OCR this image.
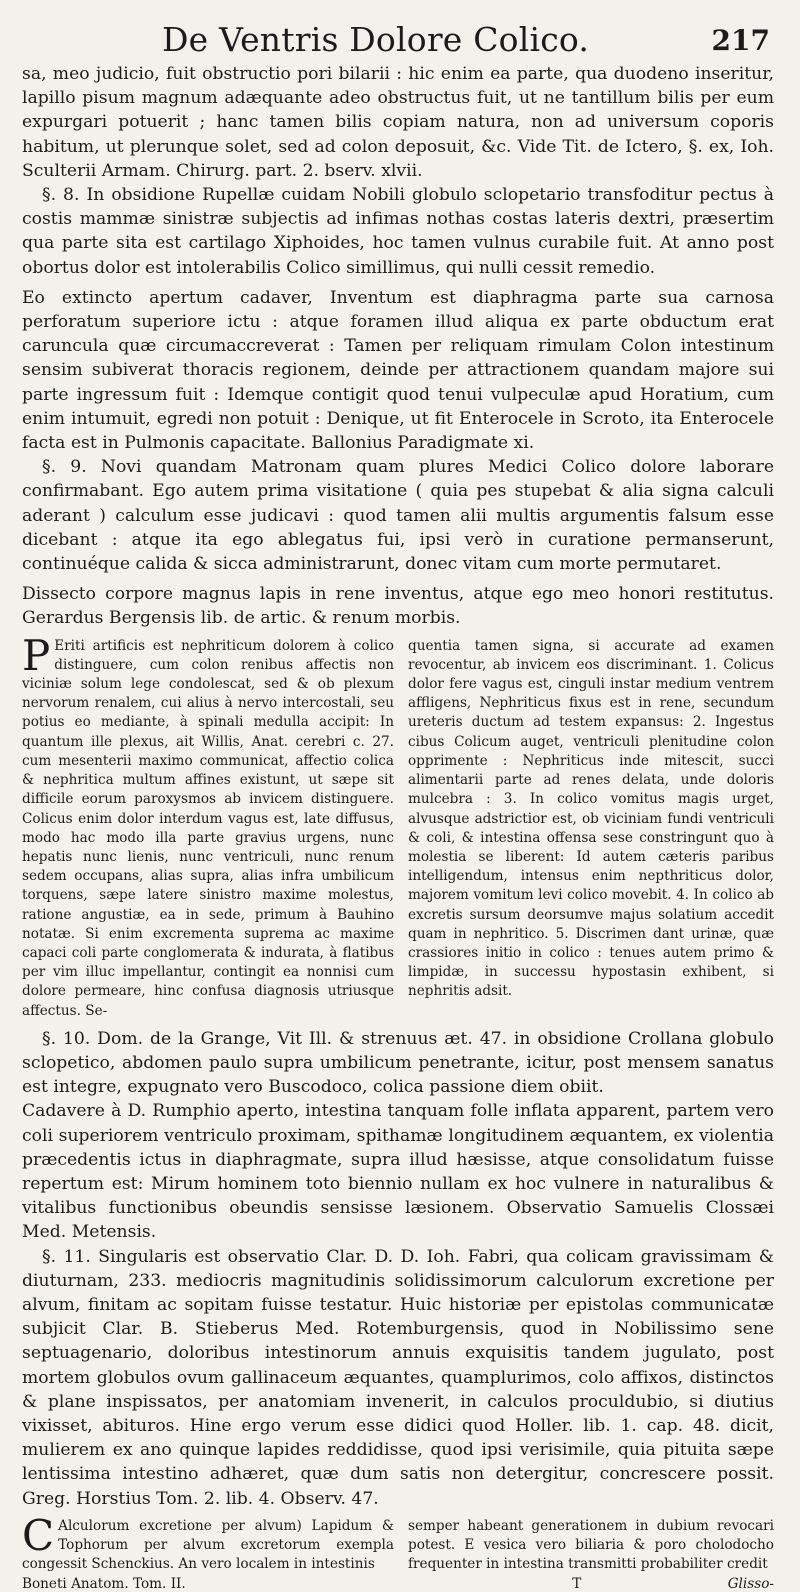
De Ventris Dolore Colico.	217

sa, meo judicio, fuit obstructio pori bilarii : hic enim ea parte, qua duodeno inseritur, lapillo pisum magnum adæquante adeo obstructus fuit, ut ne tantillum bilis per eum expurgari potuerit ; hanc tamen bilis copiam natura, non ad universum coporis habitum, ut plerunque solet, sed ad colon deposuit, &c. Vide Tit. de Ictero, §. ex, Ioh. Sculterii Armam. Chirurg. part. 2. bserv. xlvii.

§. 8. In obsidione Rupellæ cuidam Nobili globulo sclopetario transfoditur pectus à costis mammæ sinistræ subjectis ad infimas nothas costas lateris dextri, præsertim qua parte sita est cartilago Xiphoides, hoc tamen vulnus curabile fuit. At anno post obortus dolor est intolerabilis Colico simillimus, qui nulli cessit remedio.

Eo extincto apertum cadaver, Inventum est diaphragma parte sua carnosa perforatum superiore ictu : atque foramen illud aliqua ex parte obductum erat caruncula quæ circumaccreverat : Tamen per reliquam rimulam Colon intestinum sensim subiverat thoracis regionem, deinde per attractionem quandam majore sui parte ingressum fuit : Idemque contigit quod tenui vulpeculæ apud Horatium, cum enim intumuit, egredi non potuit : Denique, ut fit Enterocele in Scroto, ita Enterocele facta est in Pulmonis capacitate. Ballonius Paradigmate xi.

§. 9. Novi quandam Matronam quam plures Medici Colico dolore laborare confirmabant. Ego autem prima visitatione ( quia pes stupebat & alia signa calculi aderant ) calculum esse judicavi : quod tamen alii multis argumentis falsum esse dicebant : atque ita ego ablegatus fui, ipsi verò in curatione permanserunt, continuéque calida & sicca administrarunt, donec vitam cum morte permutaret.

Dissecto corpore magnus lapis in rene inventus, atque ego meo honori restitutus. Gerardus Bergensis lib. de artic. & renum morbis.

P Eriti artificis est nephriticum dolorem à colico distinguere, cum colon renibus affectis non viciniæ solum lege condolescat, sed & ob plexum nervorum renalem, cui alius à nervo intercostali, seu potius eo mediante, à spinali medulla accipit: In quantum ille plexus, ait Willis, Anat. cerebri c. 27. cum mesenterii maximo communicat, affectio colica & nephritica multum affines existunt, ut sæpe sit difficile eorum paroxysmos ab invicem distinguere. Colicus enim dolor interdum vagus est, late diffusus, modo hac modo illa parte gravius urgens, nunc hepatis nunc lienis, nunc ventriculi, nunc renum sedem occupans, alias supra, alias infra umbilicum torquens, sæpe latere sinistro maxime molestus, ratione angustiæ, ea in sede, primum à Bauhino notatæ. Si enim excrementa suprema ac maxime capaci coli parte conglomerata & indurata, à flatibus per vim illuc impellantur, contingit ea nonnisi cum dolore permeare, hinc confusa diagnosis utriusque affectus. Se-
quentia tamen signa, si accurate ad examen revocentur, ab invicem eos discriminant. 1. Colicus dolor fere vagus est, cinguli instar medium ventrem affligens, Nephriticus fixus est in rene, secundum ureteris ductum ad testem expansus: 2. Ingestus cibus Colicum auget, ventriculi plenitudine colon opprimente : Nephriticus inde mitescit, succi alimentarii parte ad renes delata, unde doloris mulcebra : 3. In colico vomitus magis urget, alvusque adstrictior est, ob viciniam fundi ventriculi & coli, & intestina offensa sese constringunt quo à molestia se liberent: Id autem cæteris paribus intelligendum, intensus enim nepthriticus dolor, majorem vomitum levi colico movebit. 4. In colico ab excretis sursum deorsumve majus solatium accedit quam in nephritico. 5. Discrimen dant urinæ, quæ crassiores initio in colico : tenues autem primo & limpidæ, in successu hypostasin exhibent, si nephritis adsit.

§. 10. Dom. de la Grange, Vit Ill. & strenuus æt. 47. in obsidione Crollana globulo sclopetico, abdomen paulo supra umbilicum penetrante, icitur, post mensem sanatus est integre, expugnato vero Buscodoco, colica passione diem obiit.

Cadavere à D. Rumphio aperto, intestina tanquam folle inflata apparent, partem vero coli superiorem ventriculo proximam, spithamæ longitudinem æquantem, ex violentia præcedentis ictus in diaphragmate, supra illud hæsisse, atque consolidatum fuisse repertum est: Mirum hominem toto biennio nullam ex hoc vulnere in naturalibus & vitalibus functionibus obeundis sensisse læsionem. Observatio Samuelis Clossæi Med. Metensis.

§. 11. Singularis est observatio Clar. D. D. Ioh. Fabri, qua colicam gravissimam & diuturnam, 233. mediocris magnitudinis solidissimorum calculorum excretione per alvum, finitam ac sopitam fuisse testatur. Huic historiæ per epistolas communicatæ subjicit Clar. B. Stieberus Med. Rotemburgensis, quod in Nobilissimo sene septuagenario, doloribus intestinorum annuis exquisitis tandem jugulato, post mortem globulos ovum gallinaceum æquantes, quamplurimos, colo affixos, distinctos & plane inspissatos, per anatomiam invenerit, in calculos proculdubio, si diutius vixisset, abituros. Hine ergo verum esse didici quod Holler. lib. 1. cap. 48. dicit, mulierem ex ano quinque lapides reddidisse, quod ipsi verisimile, quia pituita sæpe lentissima intestino adhæret, quæ dum satis non detergitur, concrescere possit. Greg. Horstius Tom. 2. lib. 4. Observ. 47.

C Alculorum excretione per alvum) Lapidum & Tophorum per alvum excretorum exempla congessit Schenckius. An vero localem in intestinis
semper habeant generationem in dubium revocari potest. E vesica vero biliaria & poro cholodocho frequenter in intestina transmitti probabiliter credit
Boneti Anatom. Tom. II.	T	Glisso-
